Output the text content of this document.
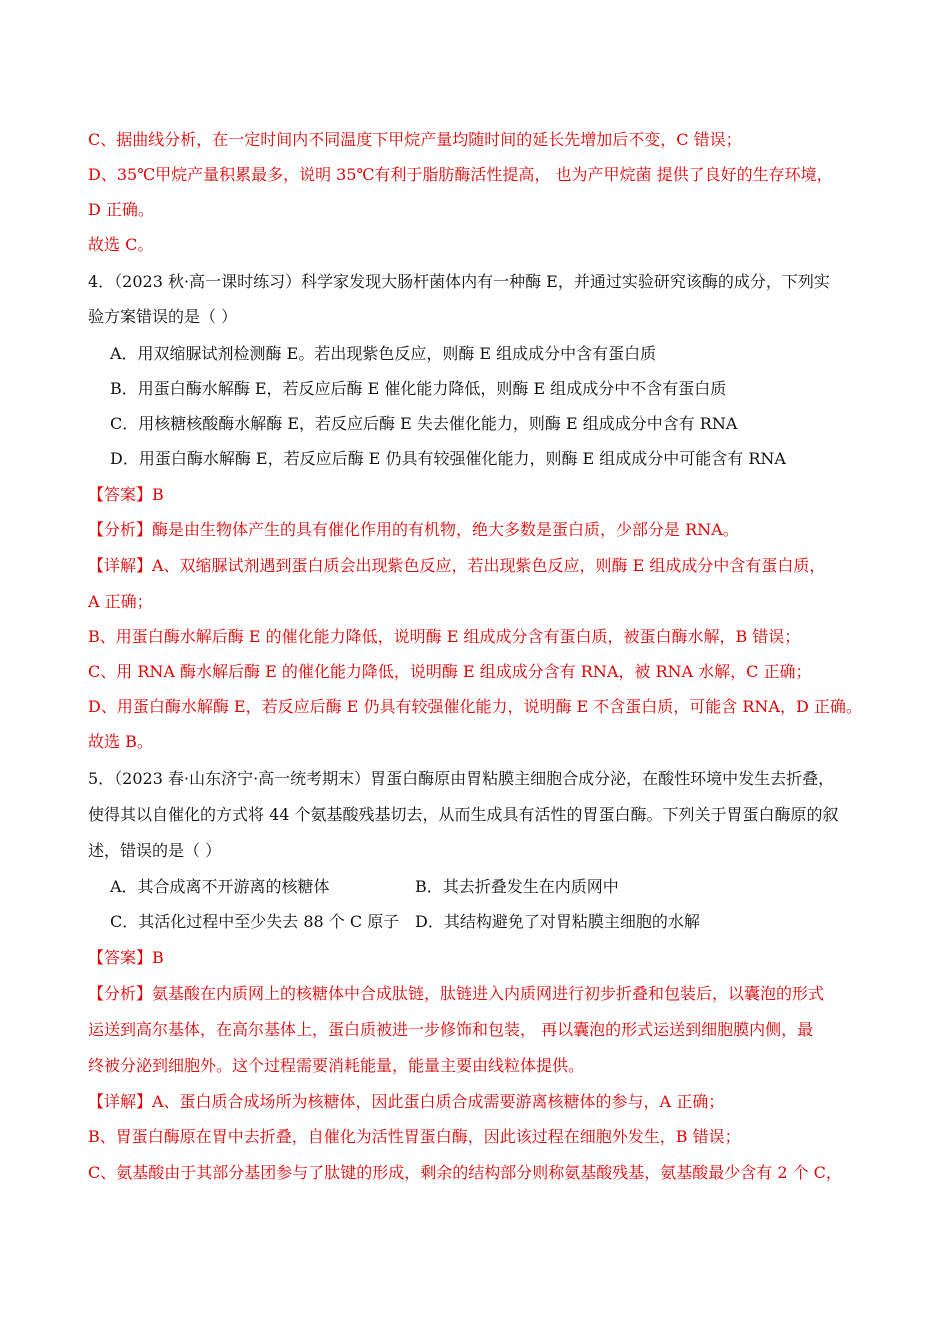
C、据曲线分析，在一定时间内不同温度下甲烷产量均随时间的延长先增加后不变，C 错误；
D、35℃甲烷产量积累最多，说明 35℃有利于脂肪酶活性提高， 也为产甲烷菌 提供了良好的生存环境，
D 正确。
故选 C。
4．（2023 秋·高一课时练习）科学家发现大肠杆菌体内有一种酶 E，并通过实验研究该酶的成分，下列实
验方案错误的是（ ）
A．用双缩脲试剂检测酶 E。若出现紫色反应，则酶 E 组成成分中含有蛋白质
B．用蛋白酶水解酶 E，若反应后酶 E 催化能力降低，则酶 E 组成成分中不含有蛋白质
C．用核糖核酸酶水解酶 E，若反应后酶 E 失去催化能力，则酶 E 组成成分中含有 RNA
D．用蛋白酶水解酶 E，若反应后酶 E 仍具有较强催化能力，则酶 E 组成成分中可能含有 RNA
【答案】B
【分析】酶是由生物体产生的具有催化作用的有机物，绝大多数是蛋白质，少部分是 RNA。
【详解】A、双缩脲试剂遇到蛋白质会出现紫色反应，若出现紫色反应，则酶 E 组成成分中含有蛋白质，
A 正确；
B、用蛋白酶水解后酶 E 的催化能力降低，说明酶 E 组成成分含有蛋白质，被蛋白酶水解，B 错误；
C、用 RNA 酶水解后酶 E 的催化能力降低，说明酶 E 组成成分含有 RNA，被 RNA 水解，C 正确；
D、用蛋白酶水解酶 E，若反应后酶 E 仍具有较强催化能力，说明酶 E 不含蛋白质，可能含 RNA，D 正确。
故选 B。
5．（2023 春·山东济宁·高一统考期末）胃蛋白酶原由胃粘膜主细胞合成分泌，在酸性环境中发生去折叠，
使得其以自催化的方式将 44 个氨基酸残基切去，从而生成具有活性的胃蛋白酶。下列关于胃蛋白酶原的叙
述，错误的是（ ）
A．其合成离不开游离的核糖体	B．其去折叠发生在内质网中
C．其活化过程中至少失去 88 个 C 原子 D．其结构避免了对胃粘膜主细胞的水解
【答案】B
【分析】氨基酸在内质网上的核糖体中合成肽链，肽链进入内质网进行初步折叠和包装后，以囊泡的形式
运送到高尔基体，在高尔基体上，蛋白质被进一步修饰和包装， 再以囊泡的形式运送到细胞膜内侧，最
终被分泌到细胞外。这个过程需要消耗能量，能量主要由线粒体提供。
【详解】A、蛋白质合成场所为核糖体，因此蛋白质合成需要游离核糖体的参与，A 正确；
B、胃蛋白酶原在胃中去折叠，自催化为活性胃蛋白酶，因此该过程在细胞外发生，B 错误；
C、氨基酸由于其部分基团参与了肽键的形成，剩余的结构部分则称氨基酸残基，氨基酸最少含有 2 个 C，
